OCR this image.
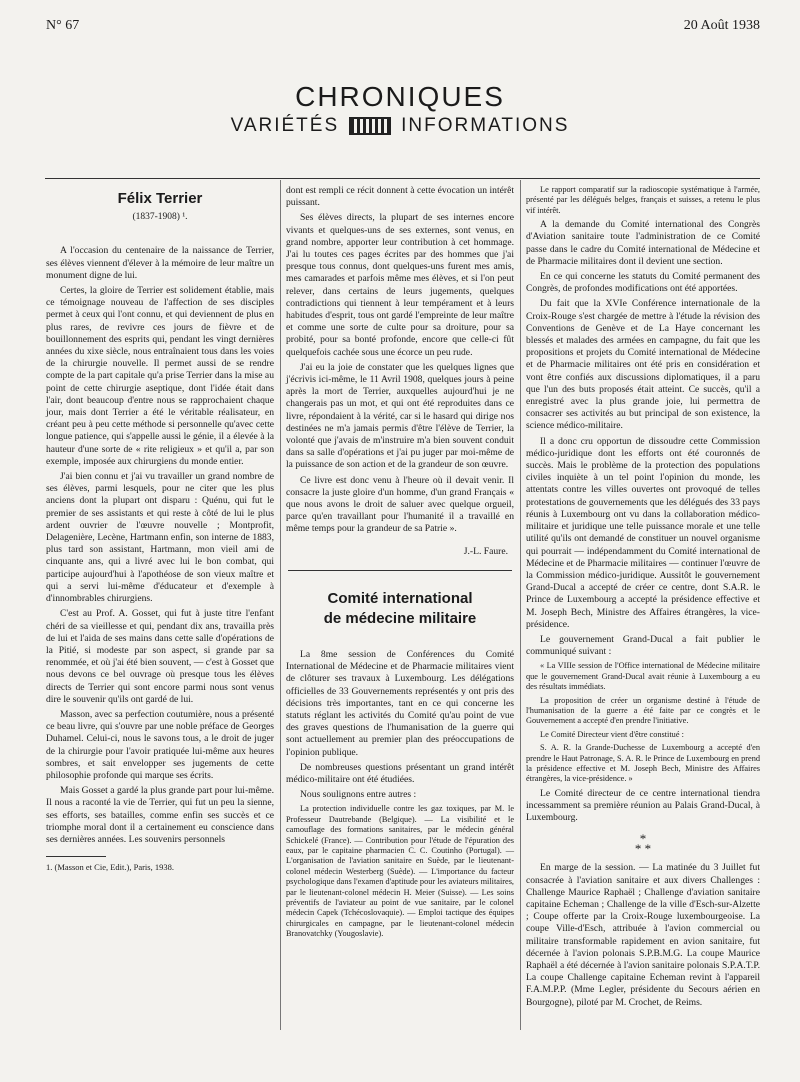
N° 67	20 Août 1938
CHRONIQUES
VARIÉTÉS	INFORMATIONS
Félix Terrier
(1837-1908) ¹.

A l'occasion du centenaire de la naissance de Terrier, ses élèves viennent d'élever à la mémoire de leur maître un monument digne de lui.

Certes, la gloire de Terrier est solidement établie, mais ce témoignage nouveau de l'affection de ses disciples permet à ceux qui l'ont connu, et qui deviennent de plus en plus rares, de revivre ces jours de fièvre et de bouillonnement des esprits qui, pendant les vingt dernières années du xixe siècle, nous entraînaient tous dans les voies de la chirurgie nouvelle. Il permet aussi de se rendre compte de la part capitale qu'a prise Terrier dans la mise au point de cette chirurgie aseptique, dont l'idée était dans l'air, dont beaucoup d'entre nous se rapprochaient chaque jour, mais dont Terrier a été le véritable réalisateur, en créant peu à peu cette méthode si personnelle qu'avec cette longue patience, qui s'appelle aussi le génie, il a élevée à la hauteur d'une sorte de « rite religieux » et qu'il a, par son exemple, imposée aux chirurgiens du monde entier.

J'ai bien connu et j'ai vu travailler un grand nombre de ses élèves, parmi lesquels, pour ne citer que les plus anciens dont la plupart ont disparu : Quénu, qui fut le premier de ses assistants et qui reste à côté de lui le plus ardent ouvrier de l'œuvre nouvelle ; Montprofit, Delagenière, Lecène, Hartmann enfin, son interne de 1883, plus tard son assistant, Hartmann, mon vieil ami de cinquante ans, qui a livré avec lui le bon combat, qui participe aujourd'hui à l'apothéose de son vieux maître et qui a servi lui-même d'éducateur et d'exemple à d'innombrables chirurgiens.

C'est au Prof. A. Gosset, qui fut à juste titre l'enfant chéri de sa vieillesse et qui, pendant dix ans, travailla près de lui et l'aida de ses mains dans cette salle d'opérations de la Pitié, si modeste par son aspect, si grande par sa renommée, et où j'ai été bien souvent, — c'est à Gosset que nous devons ce bel ouvrage où presque tous les élèves directs de Terrier qui sont encore parmi nous sont venus dire le souvenir qu'ils ont gardé de lui.

Masson, avec sa perfection coutumière, nous a présenté ce beau livre, qui s'ouvre par une noble préface de Georges Duhamel. Celui-ci, nous le savons tous, a le droit de juger de la chirurgie pour l'avoir pratiquée lui-même aux heures sombres, et sait envelopper ses jugements de cette philosophie profonde qui marque ses écrits.

Mais Gosset a gardé la plus grande part pour lui-même. Il nous a raconté la vie de Terrier, qui fut un peu la sienne, ses efforts, ses batailles, comme enfin ses succès et ce triomphe moral dont il a certainement eu conscience dans ses dernières années. Les souvenirs personnels

1. (Masson et Cie, Edit.), Paris, 1938.

dont est rempli ce récit donnent à cette évocation un intérêt puissant.

Ses élèves directs, la plupart de ses internes encore vivants et quelques-uns de ses externes, sont venus, en grand nombre, apporter leur contribution à cet hommage. J'ai lu toutes ces pages écrites par des hommes que j'ai presque tous connus, dont quelques-uns furent mes amis, mes camarades et parfois même mes élèves, et si l'on peut relever, dans certains de leurs jugements, quelques contradictions qui tiennent à leur tempérament et à leurs habitudes d'esprit, tous ont gardé l'empreinte de leur maître et comme une sorte de culte pour sa droiture, pour sa probité, pour sa bonté profonde, encore que celle-ci fût quelquefois cachée sous une écorce un peu rude.

J'ai eu la joie de constater que les quelques lignes que j'écrivis ici-même, le 11 Avril 1908, quelques jours à peine après la mort de Terrier, auxquelles aujourd'hui je ne changerais pas un mot, et qui ont été reproduites dans ce livre, répondaient à la vérité, car si le hasard qui dirige nos destinées ne m'a jamais permis d'être l'élève de Terrier, la volonté que j'avais de m'instruire m'a bien souvent conduit dans sa salle d'opérations et j'ai pu juger par moi-même de la puissance de son action et de la grandeur de son œuvre.

Ce livre est donc venu à l'heure où il devait venir. Il consacre la juste gloire d'un homme, d'un grand Français « que nous avons le droit de saluer avec quelque orgueil, parce qu'en travaillant pour l'humanité il a travaillé en même temps pour la grandeur de sa Patrie ».

J.-L. Faure.
Comité international
de médecine militaire

La 8me session de Conférences du Comité International de Médecine et de Pharmacie militaires vient de clôturer ses travaux à Luxembourg. Les délégations officielles de 33 Gouvernements représentés y ont pris des décisions très importantes, tant en ce qui concerne les statuts réglant les activités du Comité qu'au point de vue des graves questions de l'humanisation de la guerre qui sont actuellement au premier plan des préoccupations de l'opinion publique.

De nombreuses questions présentant un grand intérêt médico-militaire ont été étudiées.

Nous soulignons entre autres :

La protection individuelle contre les gaz toxiques, par M. le Professeur Dautrebande (Belgique). — La visibilité et le camouflage des formations sanitaires, par le médecin général Schickelé (France). — Contribution pour l'étude de l'épuration des eaux, par le capitaine pharmacien C. C. Coutinho (Portugal). — L'organisation de l'aviation sanitaire en Suède, par le lieutenant-colonel médecin Westerberg (Suède). — L'importance du facteur psychologique dans l'examen d'aptitude pour les aviateurs militaires, par le lieutenant-colonel médecin H. Meier (Suisse). — Les soins préventifs de l'aviateur au point de vue sanitaire, par le colonel médecin Capek (Tchécoslovaquie). — Emploi tactique des équipes chirurgicales en campagne, par le lieutenant-colonel médecin Branovatchky (Yougoslavie).

Le rapport comparatif sur la radioscopie systématique à l'armée, présenté par les délégués belges, français et suisses, a retenu le plus vif intérêt.

A la demande du Comité international des Congrès d'Aviation sanitaire toute l'administration de ce Comité passe dans le cadre du Comité international de Médecine et de Pharmacie militaires dont il devient une section.

En ce qui concerne les statuts du Comité permanent des Congrès, de profondes modifications ont été apportées.

Du fait que la XVIe Conférence internationale de la Croix-Rouge s'est chargée de mettre à l'étude la révision des Conventions de Genève et de La Haye concernant les blessés et malades des armées en campagne, du fait que les propositions et projets du Comité international de Médecine et de Pharmacie militaires ont été pris en considération et vont être confiés aux discussions diplomatiques, il a paru que l'un des buts proposés était atteint. Ce succès, qu'il a enregistré avec la plus grande joie, lui permettra de consacrer ses activités au but principal de son existence, la science médico-militaire.

Il a donc cru opportun de dissoudre cette Commission médico-juridique dont les efforts ont été couronnés de succès. Mais le problème de la protection des populations civiles inquiète à un tel point l'opinion du monde, les attentats contre les villes ouvertes ont provoqué de telles protestations de gouvernements que les délégués des 33 pays réunis à Luxembourg ont vu dans la collaboration médico-militaire et juridique une telle puissance morale et une telle utilité qu'ils ont demandé de constituer un nouvel organisme qui pourrait — indépendamment du Comité international de Médecine et de Pharmacie militaires — continuer l'œuvre de la Commission médico-juridique. Aussitôt le gouvernement Grand-Ducal a accepté de créer ce centre, dont S.A.R. le Prince de Luxembourg a accepté la présidence effective et M. Joseph Bech, Ministre des Affaires étrangères, la vice-présidence.

Le gouvernement Grand-Ducal a fait publier le communiqué suivant :

« La VIIIe session de l'Office international de Médecine militaire que le gouvernement Grand-Ducal avait réunie à Luxembourg a eu des résultats immédiats.

La proposition de créer un organisme destiné à l'étude de l'humanisation de la guerre a été faite par ce congrès et le Gouvernement a accepté d'en prendre l'initiative.

Le Comité Directeur vient d'être constitué :

S. A. R. la Grande-Duchesse de Luxembourg a accepté d'en prendre le Haut Patronage, S. A. R. le Prince de Luxembourg en prend la présidence effective et M. Joseph Bech, Ministre des Affaires étrangères, la vice-présidence. »

Le Comité directeur de ce centre international tiendra incessamment sa première réunion au Palais Grand-Ducal, à Luxembourg.

*
* *

En marge de la session. — La matinée du 3 Juillet fut consacrée à l'aviation sanitaire et aux divers Challenges : Challenge Maurice Raphaël ; Challenge d'aviation sanitaire capitaine Echeman ; Challenge de la ville d'Esch-sur-Alzette ; Coupe offerte par la Croix-Rouge luxembourgeoise. La coupe Ville-d'Esch, attribuée à l'avion commercial ou militaire transformable rapidement en avion sanitaire, fut décernée à l'avion polonais S.P.B.M.G. La coupe Maurice Raphaël a été décernée à l'avion sanitaire polonais S.P.A.T.P. La coupe Challenge capitaine Echeman revint à l'appareil F.A.M.P.P. (Mme Legler, présidente du Secours aérien en Bourgogne), piloté par M. Crochet, de Reims.
